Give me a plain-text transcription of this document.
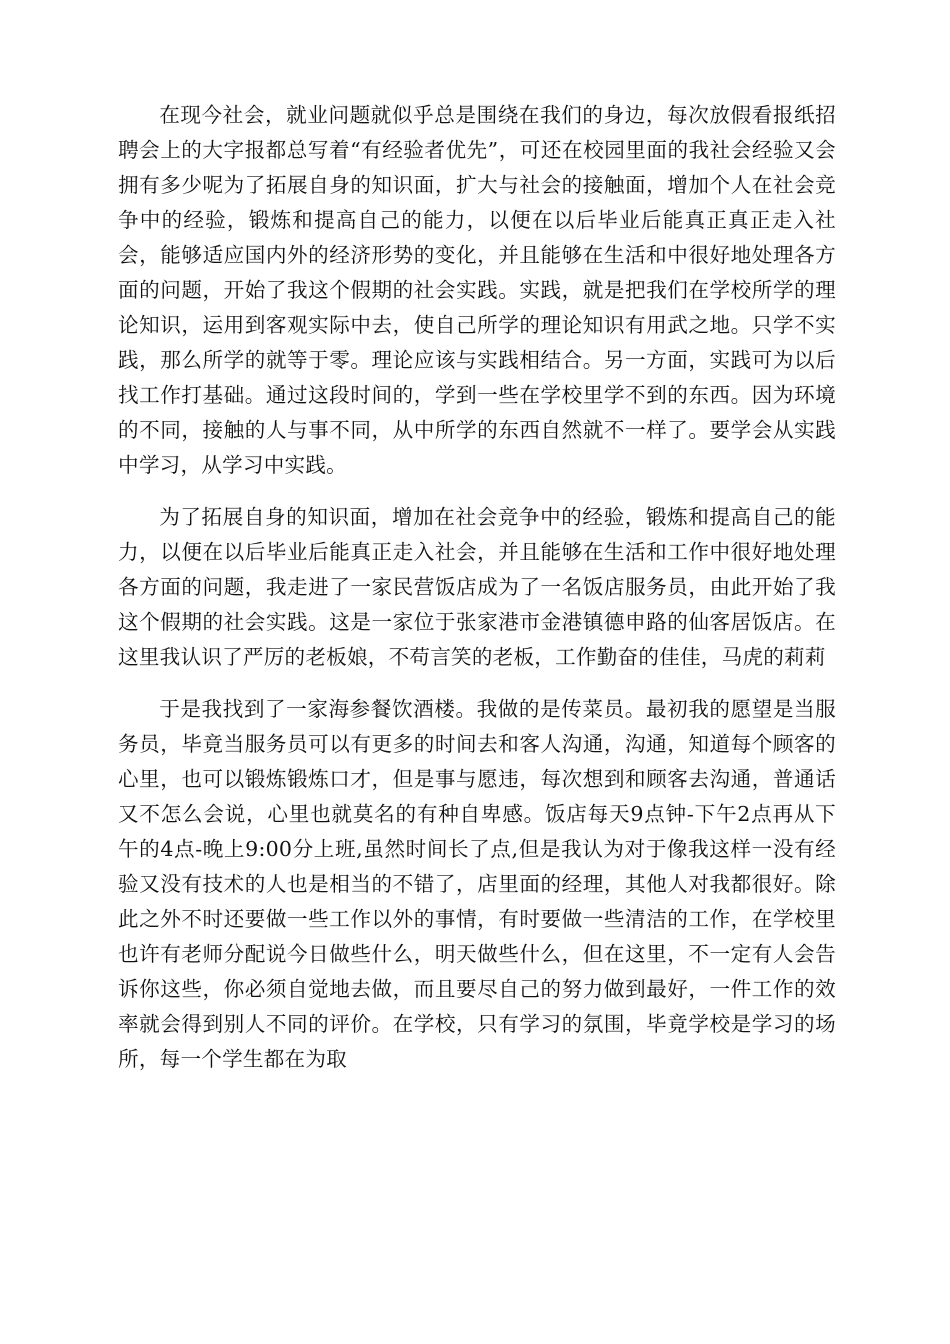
在现今社会，就业问题就似乎总是围绕在我们的身边，每次放假看报纸招聘会上的大字报都总写着“有经验者优先”，可还在校园里面的我社会经验又会拥有多少呢为了拓展自身的知识面，扩大与社会的接触面，增加个人在社会竞争中的经验，锻炼和提高自己的能力，以便在以后毕业后能真正真正走入社会，能够适应国内外的经济形势的变化，并且能够在生活和中很好地处理各方面的问题，开始了我这个假期的社会实践。实践，就是把我们在学校所学的理论知识，运用到客观实际中去，使自己所学的理论知识有用武之地。只学不实践，那么所学的就等于零。理论应该与实践相结合。另一方面，实践可为以后找工作打基础。通过这段时间的，学到一些在学校里学不到的东西。因为环境的不同，接触的人与事不同，从中所学的东西自然就不一样了。要学会从实践中学习，从学习中实践。

为了拓展自身的知识面，增加在社会竞争中的经验，锻炼和提高自己的能力，以便在以后毕业后能真正走入社会，并且能够在生活和工作中很好地处理各方面的问题，我走进了一家民营饭店成为了一名饭店服务员，由此开始了我这个假期的社会实践。这是一家位于张家港市金港镇德申路的仙客居饭店。在这里我认识了严厉的老板娘，不苟言笑的老板，工作勤奋的佳佳，马虎的莉莉

于是我找到了一家海参餐饮酒楼。我做的是传菜员。最初我的愿望是当服务员，毕竟当服务员可以有更多的时间去和客人沟通，沟通，知道每个顾客的心里，也可以锻炼锻炼口才，但是事与愿违，每次想到和顾客去沟通，普通话又不怎么会说，心里也就莫名的有种自卑感。饭店每天9点钟-下午2点再从下午的4点-晚上9:00分上班,虽然时间长了点,但是我认为对于像我这样一没有经验又没有技术的人也是相当的不错了，店里面的经理，其他人对我都很好。除此之外不时还要做一些工作以外的事情，有时要做一些清洁的工作，在学校里也许有老师分配说今日做些什么，明天做些什么，但在这里，不一定有人会告诉你这些，你必须自觉地去做，而且要尽自己的努力做到最好，一件工作的效率就会得到别人不同的评价。在学校，只有学习的氛围，毕竟学校是学习的场所，每一个学生都在为取
